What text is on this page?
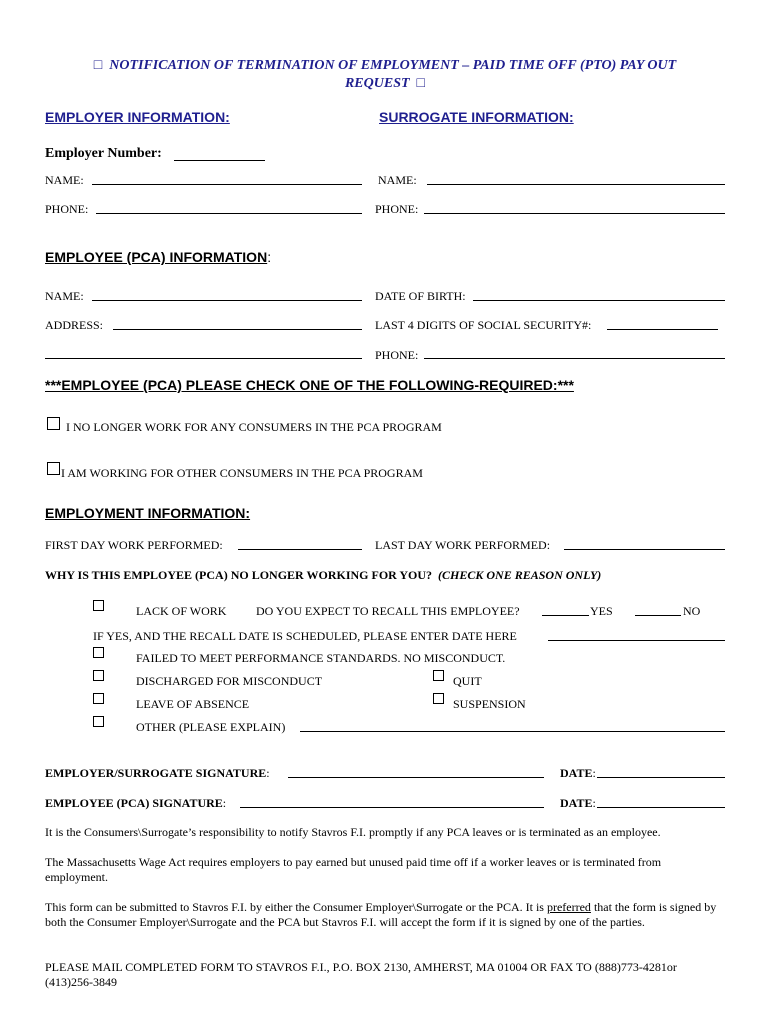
□ NOTIFICATION OF TERMINATION OF EMPLOYMENT – PAID TIME OFF (PTO) PAY OUT
REQUEST □
EMPLOYER INFORMATION:	SURROGATE INFORMATION:
Employer Number:
NAME:	NAME:
PHONE:	PHONE:
EMPLOYEE (PCA) INFORMATION:
NAME:	DATE OF BIRTH:
ADDRESS:	LAST 4 DIGITS OF SOCIAL SECURITY#:
PHONE:
***EMPLOYEE (PCA) PLEASE CHECK ONE OF THE FOLLOWING-REQUIRED:***
I NO LONGER WORK FOR ANY CONSUMERS IN THE PCA PROGRAM
I AM WORKING FOR OTHER CONSUMERS IN THE PCA PROGRAM
EMPLOYMENT INFORMATION:
FIRST DAY WORK PERFORMED:	LAST DAY WORK PERFORMED:
WHY IS THIS EMPLOYEE (PCA) NO LONGER WORKING FOR YOU? (CHECK ONE REASON ONLY)
LACK OF WORK DO YOU EXPECT TO RECALL THIS EMPLOYEE?	YES	NO
IF YES, AND THE RECALL DATE IS SCHEDULED, PLEASE ENTER DATE HERE
FAILED TO MEET PERFORMANCE STANDARDS. NO MISCONDUCT.
DISCHARGED FOR MISCONDUCT	QUIT
LEAVE OF ABSENCE	SUSPENSION
OTHER (PLEASE EXPLAIN)
EMPLOYER/SURROGATE SIGNATURE:	DATE:
EMPLOYEE (PCA) SIGNATURE:	DATE:
It is the Consumers\Surrogate’s responsibility to notify Stavros F.I. promptly if any PCA leaves or is terminated as an employee.
The Massachusetts Wage Act requires employers to pay earned but unused paid time off if a worker leaves or is terminated from employment.
This form can be submitted to Stavros F.I. by either the Consumer Employer\Surrogate or the PCA. It is preferred that the form is signed by both the Consumer Employer\Surrogate and the PCA but Stavros F.I. will accept the form if it is signed by one of the parties.
PLEASE MAIL COMPLETED FORM TO STAVROS F.I., P.O. BOX 2130, AMHERST, MA 01004 OR FAX TO (888)773-4281or (413)256-3849
